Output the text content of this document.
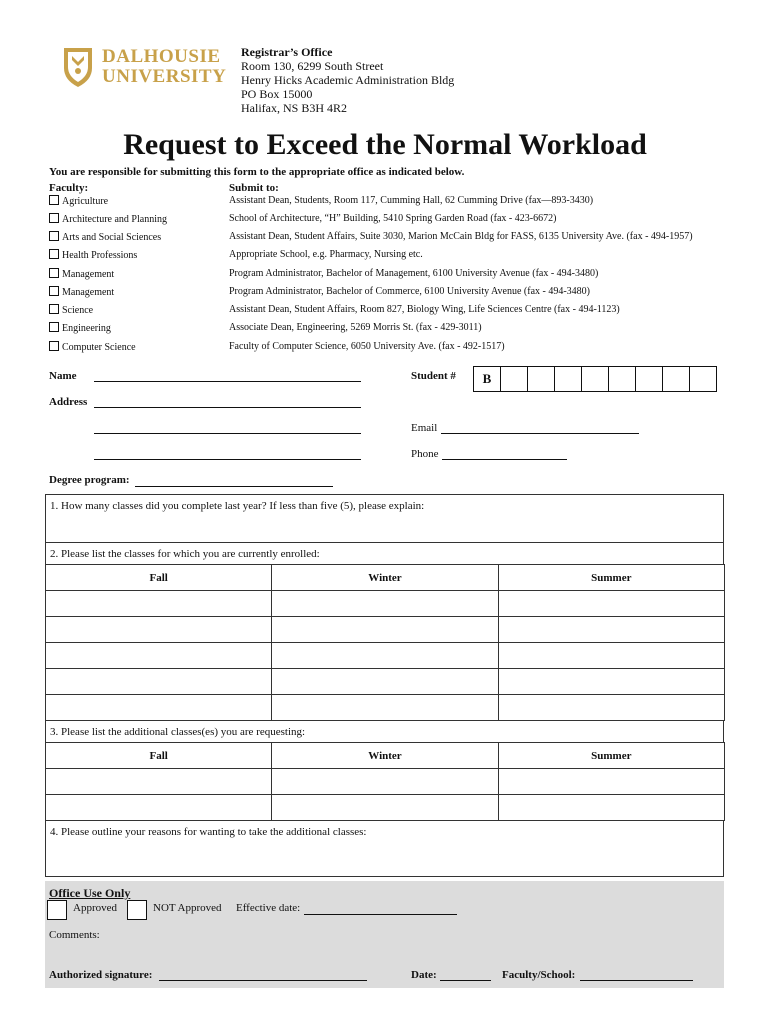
DALHOUSIE
UNIVERSITY
Registrar’s Office
Room 130, 6299 South Street
Henry Hicks Academic Administration Bldg
PO Box 15000
Halifax, NS B3H 4R2
Request to Exceed the Normal Workload
You are responsible for submitting this form to the appropriate office as indicated below.
Faculty:	Submit to:
Agriculture	Assistant Dean, Students, Room 117, Cumming Hall, 62 Cumming Drive (fax—893-3430)
Architecture and Planning	School of Architecture, “H” Building, 5410 Spring Garden Road (fax - 423-6672)
Arts and Social Sciences	Assistant Dean, Student Affairs, Suite 3030, Marion McCain Bldg for FASS, 6135 University Ave. (fax - 494-1957)
Health Professions	Appropriate School, e.g. Pharmacy, Nursing etc.
Management	Program Administrator, Bachelor of Management, 6100 University Avenue (fax - 494-3480)
Management	Program Administrator, Bachelor of Commerce, 6100 University Avenue (fax - 494-3480)
Science	Assistant Dean, Student Affairs, Room 827, Biology Wing, Life Sciences Centre (fax - 494-1123)
Engineering	Associate Dean, Engineering, 5269 Morris St. (fax - 429-3011)
Computer Science	Faculty of Computer Science, 6050 University Ave. (fax - 492-1517)
Name	Student #	B
Address
Email
Phone
Degree program:
1. How many classes did you complete last year? If less than five (5), please explain:
2. Please list the classes for which you are currently enrolled:
Fall	Winter	Summer

3. Please list the additional classes(es) you are requesting:
Fall	Winter	Summer

4. Please outline your reasons for wanting to take the additional classes:
Office Use Only
Approved	NOT Approved Effective date:
Comments:
Authorized signature:	Date:	Faculty/School:
